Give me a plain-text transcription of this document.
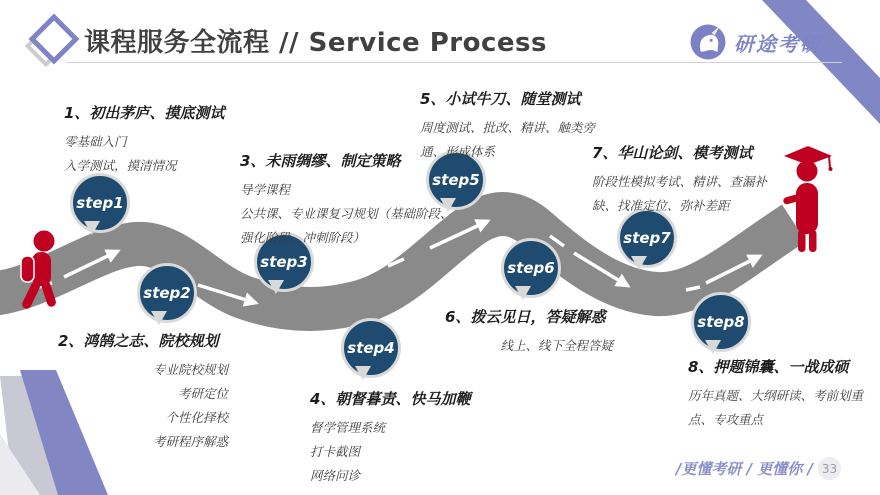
课程服务全流程 // Service Process	研途考研
step1
step2
step3
step4
step5
step6
step7
step8
1、初出茅庐、摸底测试
零基础入门
入学测试，摸清情况
2、鸿鹄之志、院校规划
专业院校规划
考研定位
个性化择校
考研程序解惑
3、未雨绸缪、制定策略
导学课程
公共课、专业课复习规划（基础阶段、
强化阶段、冲刺阶段）
4、朝督暮责、快马加鞭
督学管理系统
打卡截图
网络问诊
5、小试牛刀、随堂测试
周度测试、批改、精讲、触类旁
通、形成体系
6、拨云见日，答疑解惑
线上、线下全程答疑
7、华山论剑、模考测试
阶段性模拟考试、精讲、查漏补
缺、找准定位、弥补差距
8、押题锦囊、一战成硕
历年真题、大纲研读、考前划重
点、专攻重点
/更懂考研 / 更懂你 / 33
